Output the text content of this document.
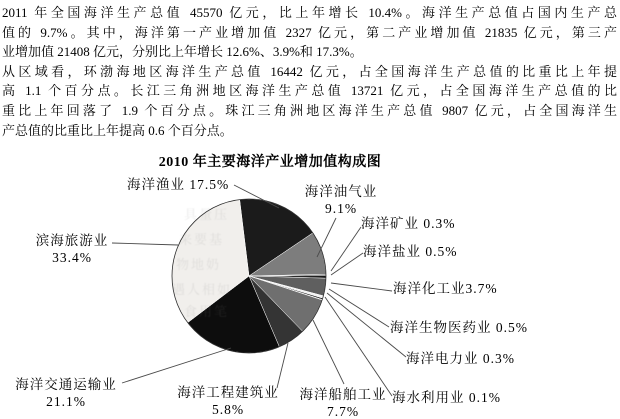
2011 年全国海洋生产总值 45570 亿元，比上年增长 10.4%。海洋生产总值占国内生产总
值的 9.7%。其中，海洋第一产业增加值 2327 亿元，第二产业增加值 21835 亿元，第三产
业增加值 21408 亿元，分别比上年增长 12.6%、3.9%和 17.3%。
从区域看，环渤海地区海洋生产总值 16442 亿元，占全国海洋生产总值的比重比上年提
高 1.1 个百分点。长江三角洲地区海洋生产总值 13721 亿元，占全国海洋生产总值的比
重比上年回落了 1.9 个百分点。珠江三角洲地区海洋生产总值 9807 亿元，占全国海洋生
产总值的比重比上年提高 0.6 个百分点。
2010 年主要海洋产业增加值构成图
具量压
来要基
物地奶
遇人相如
食用笔
海洋渔业 17.5%	海洋油气业
9.1%
海洋矿业 0.3%
海洋盐业 0.5%
海洋化工业3.7%
海洋生物医药业 0.5%
海洋电力业 0.3%
海水利用业 0.1%
海洋船舶工业
7.7%
海洋工程建筑业
5.8%
海洋交通运输业
21.1%
滨海旅游业
33.4%
